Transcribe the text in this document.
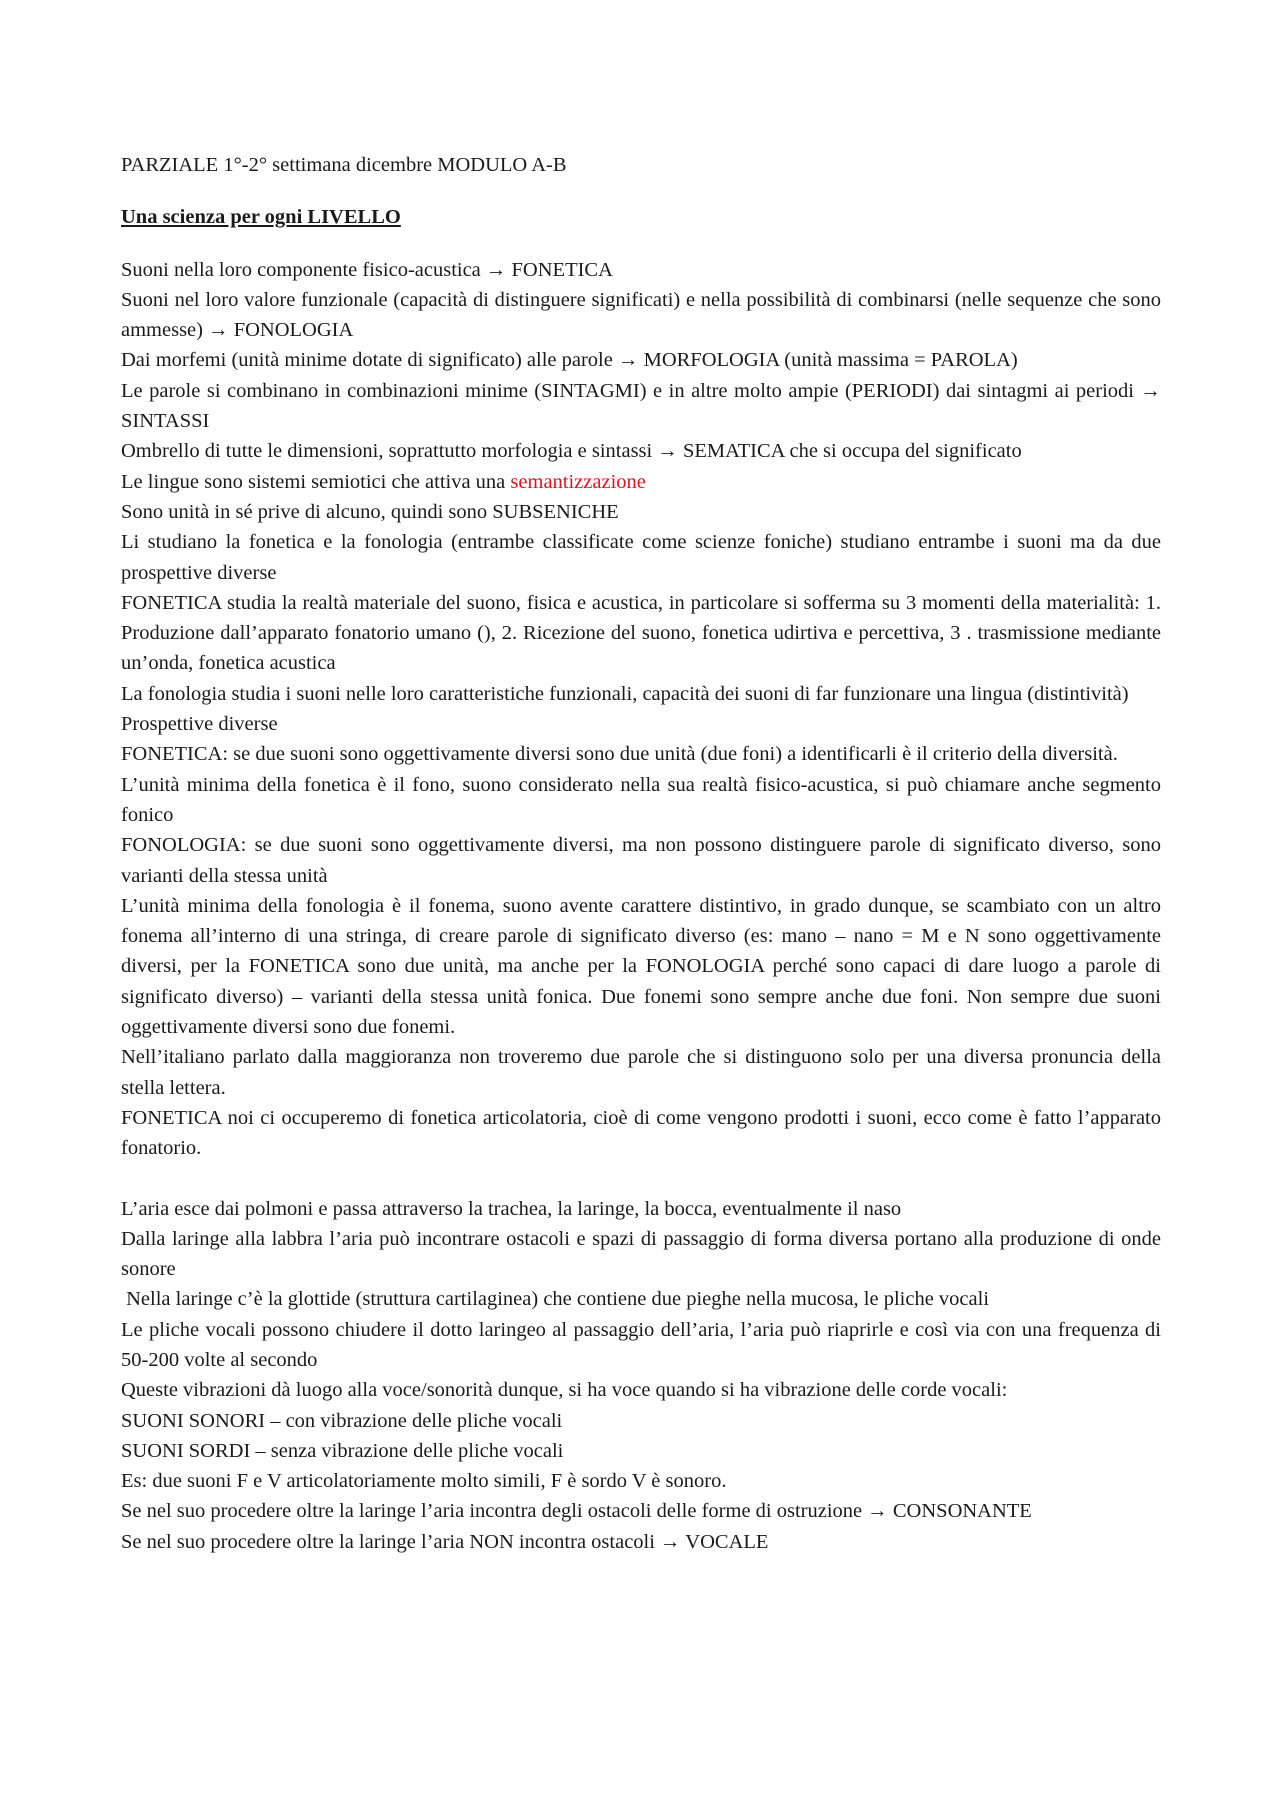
PARZIALE 1°-2° settimana dicembre MODULO A-B

Una scienza per ogni LIVELLO

Suoni nella loro componente fisico-acustica → FONETICA

Suoni nel loro valore funzionale (capacità di distinguere significati) e nella possibilità di combinarsi (nelle sequenze che sono ammesse) → FONOLOGIA

Dai morfemi (unità minime dotate di significato) alle parole → MORFOLOGIA (unità massima = PAROLA)

Le parole si combinano in combinazioni minime (SINTAGMI) e in altre molto ampie (PERIODI) dai sintagmi ai periodi → SINTASSI

Ombrello di tutte le dimensioni, soprattutto morfologia e sintassi → SEMATICA che si occupa del significato

Le lingue sono sistemi semiotici che attiva una semantizzazione

Sono unità in sé prive di alcuno, quindi sono SUBSENICHE

Li studiano la fonetica e la fonologia (entrambe classificate come scienze foniche) studiano entrambe i suoni ma da due prospettive diverse

FONETICA studia la realtà materiale del suono, fisica e acustica, in particolare si sofferma su 3 momenti della materialità: 1. Produzione dall’apparato fonatorio umano (), 2. Ricezione del suono, fonetica udirtiva e percettiva, 3 . trasmissione mediante un’onda, fonetica acustica

La fonologia studia i suoni nelle loro caratteristiche funzionali, capacità dei suoni di far funzionare una lingua (distintività)

Prospettive diverse

FONETICA: se due suoni sono oggettivamente diversi sono due unità (due foni) a identificarli è il criterio della diversità.

L’unità minima della fonetica è il fono, suono considerato nella sua realtà fisico-acustica, si può chiamare anche segmento fonico

FONOLOGIA: se due suoni sono oggettivamente diversi, ma non possono distinguere parole di significato diverso, sono varianti della stessa unità

L’unità minima della fonologia è il fonema, suono avente carattere distintivo, in grado dunque, se scambiato con un altro fonema all’interno di una stringa, di creare parole di significato diverso (es: mano – nano = M e N sono oggettivamente diversi, per la FONETICA sono due unità, ma anche per la FONOLOGIA perché sono capaci di dare luogo a parole di significato diverso) – varianti della stessa unità fonica. Due fonemi sono sempre anche due foni. Non sempre due suoni oggettivamente diversi sono due fonemi.

Nell’italiano parlato dalla maggioranza non troveremo due parole che si distinguono solo per una diversa pronuncia della stella lettera.

FONETICA noi ci occuperemo di fonetica articolatoria, cioè di come vengono prodotti i suoni, ecco come è fatto l’apparato fonatorio.

L’aria esce dai polmoni e passa attraverso la trachea, la laringe, la bocca, eventualmente il naso

Dalla laringe alla labbra l’aria può incontrare ostacoli e spazi di passaggio di forma diversa portano alla produzione di onde sonore

Nella laringe c’è la glottide (struttura cartilaginea) che contiene due pieghe nella mucosa, le pliche vocali

Le pliche vocali possono chiudere il dotto laringeo al passaggio dell’aria, l’aria può riaprirle e così via con una frequenza di 50-200 volte al secondo

Queste vibrazioni dà luogo alla voce/sonorità dunque, si ha voce quando si ha vibrazione delle corde vocali:

SUONI SONORI – con vibrazione delle pliche vocali

SUONI SORDI – senza vibrazione delle pliche vocali

Es: due suoni F e V articolatoriamente molto simili, F è sordo V è sonoro.

Se nel suo procedere oltre la laringe l’aria incontra degli ostacoli delle forme di ostruzione → CONSONANTE

Se nel suo procedere oltre la laringe l’aria NON incontra ostacoli → VOCALE
